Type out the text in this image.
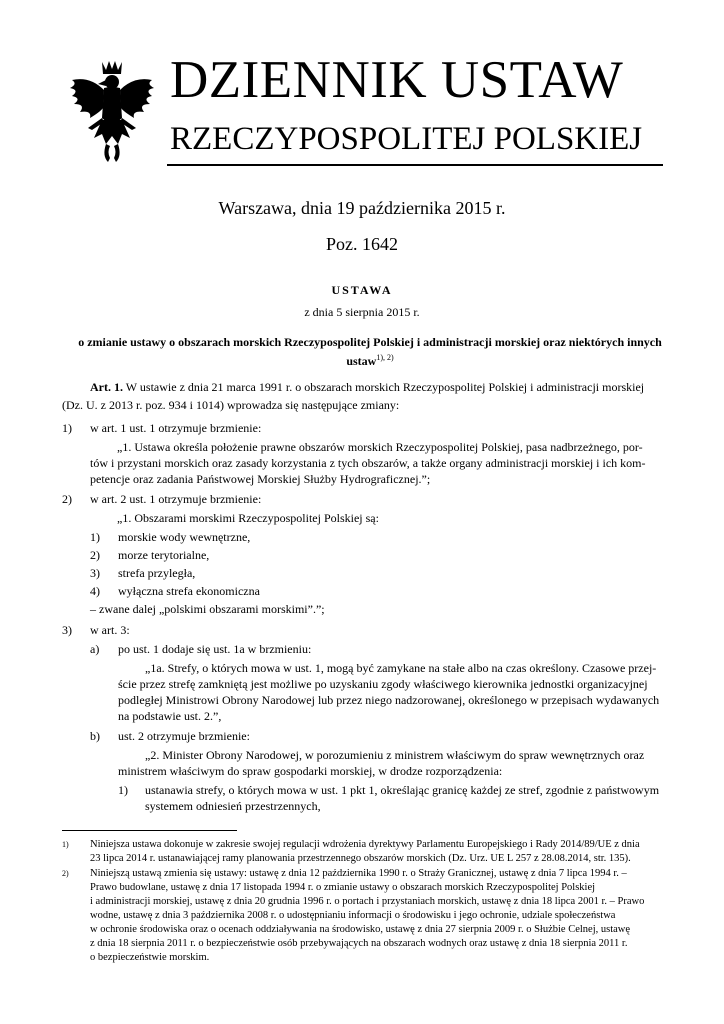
DZIENNIK USTAW
RZECZYPOSPOLITEJ POLSKIEJ
Warszawa, dnia 19 października 2015 r.
Poz. 1642
USTAWA
z dnia 5 sierpnia 2015 r.
o zmianie ustawy o obszarach morskich Rzeczypospolitej Polskiej i administracji morskiej oraz niektórych innych
ustaw$^{1), 2)}$
Art. 1. W ustawie z dnia 21 marca 1991 r. o obszarach morskich Rzeczypospolitej Polskiej i administracji morskiej
(Dz. U. z 2013 r. poz. 934 i 1014) wprowadza się następujące zmiany:
1) w art. 1 ust. 1 otrzymuje brzmienie:
„1. Ustawa określa położenie prawne obszarów morskich Rzeczypospolitej Polskiej, pasa nadbrzeżnego, por-
tów i przystani morskich oraz zasady korzystania z tych obszarów, a także organy administracji morskiej i ich kom-
petencje oraz zadania Państwowej Morskiej Służby Hydrograficznej.”;
2) w art. 2 ust. 1 otrzymuje brzmienie:
„1. Obszarami morskimi Rzeczypospolitej Polskiej są:
1) morskie wody wewnętrzne,
2) morze terytorialne,
3) strefa przyległa,
4) wyłączna strefa ekonomiczna
– zwane dalej „polskimi obszarami morskimi”.”;
3) w art. 3:
a) po ust. 1 dodaje się ust. 1a w brzmieniu:
„1a. Strefy, o których mowa w ust. 1, mogą być zamykane na stałe albo na czas określony. Czasowe przej-
ście przez strefę zamkniętą jest możliwe po uzyskaniu zgody właściwego kierownika jednostki organizacyjnej
podległej Ministrowi Obrony Narodowej lub przez niego nadzorowanej, określonego w przepisach wydawanych
na podstawie ust. 2.”,
b) ust. 2 otrzymuje brzmienie:
„2. Minister Obrony Narodowej, w porozumieniu z ministrem właściwym do spraw wewnętrznych oraz
ministrem właściwym do spraw gospodarki morskiej, w drodze rozporządzenia:
1) ustanawia strefy, o których mowa w ust. 1 pkt 1, określając granicę każdej ze stref, zgodnie z państwowym
systemem odniesień przestrzennych,
1) Niniejsza ustawa dokonuje w zakresie swojej regulacji wdrożenia dyrektywy Parlamentu Europejskiego i Rady 2014/89/UE z dnia
23 lipca 2014 r. ustanawiającej ramy planowania przestrzennego obszarów morskich (Dz. Urz. UE L 257 z 28.08.2014, str. 135).
2) Niniejszą ustawą zmienia się ustawy: ustawę z dnia 12 października 1990 r. o Straży Granicznej, ustawę z dnia 7 lipca 1994 r. –
Prawo budowlane, ustawę z dnia 17 listopada 1994 r. o zmianie ustawy o obszarach morskich Rzeczypospolitej Polskiej
i administracji morskiej, ustawę z dnia 20 grudnia 1996 r. o portach i przystaniach morskich, ustawę z dnia 18 lipca 2001 r. – Prawo
wodne, ustawę z dnia 3 października 2008 r. o udostępnianiu informacji o środowisku i jego ochronie, udziale społeczeństwa
w ochronie środowiska oraz o ocenach oddziaływania na środowisko, ustawę z dnia 27 sierpnia 2009 r. o Służbie Celnej, ustawę
z dnia 18 sierpnia 2011 r. o bezpieczeństwie osób przebywających na obszarach wodnych oraz ustawę z dnia 18 sierpnia 2011 r.
o bezpieczeństwie morskim.
